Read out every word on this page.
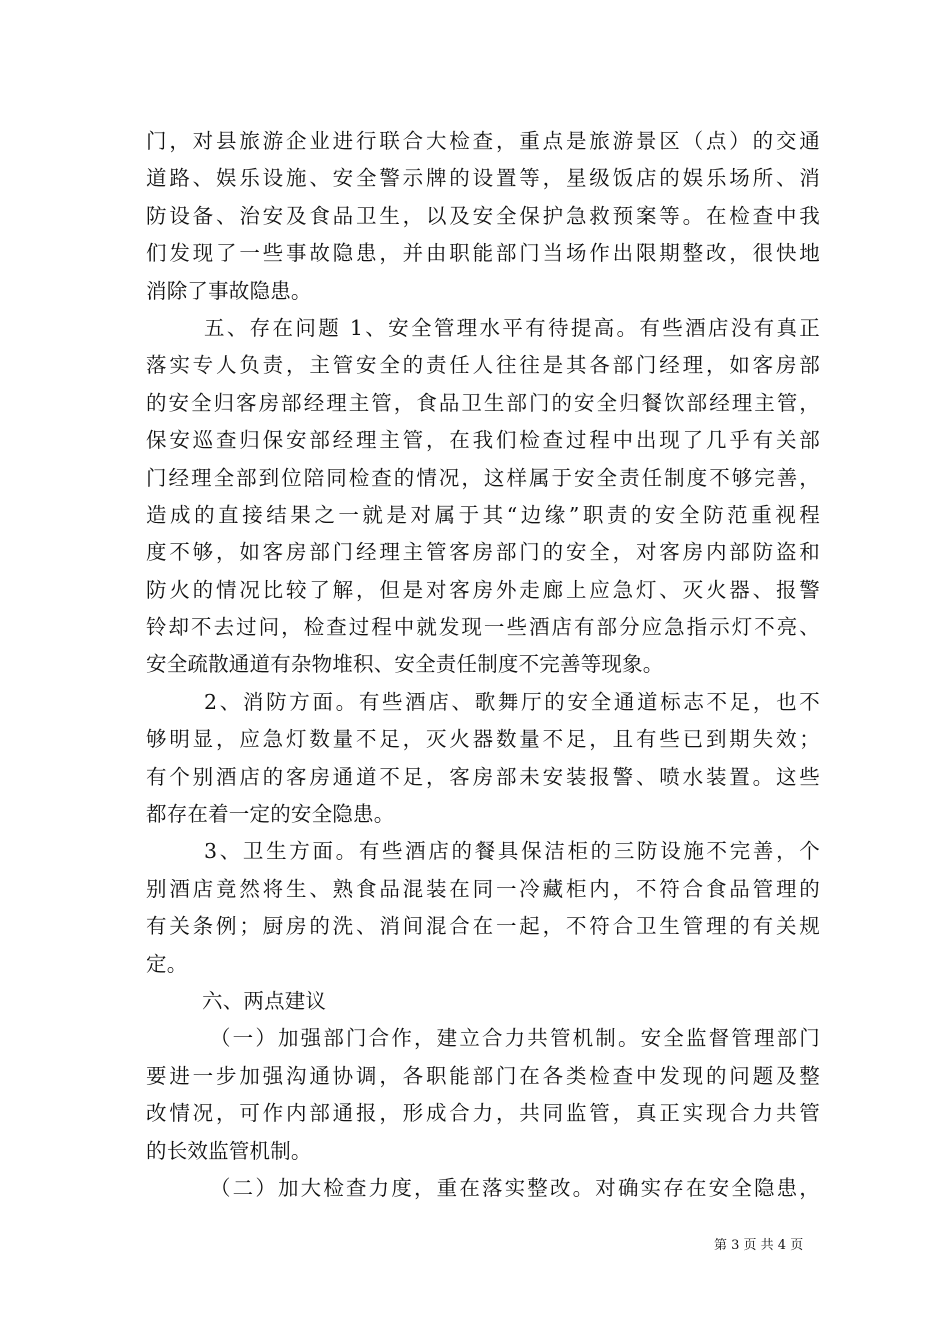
门，对县旅游企业进行联合大检查，重点是旅游景区（点）的交通
道路、娱乐设施、安全警示牌的设置等，星级饭店的娱乐场所、消
防设备、治安及食品卫生，以及安全保护急救预案等。在检查中我
们发现了一些事故隐患，并由职能部门当场作出限期整改，很快地
消除了事故隐患。
五、存在问题 1、安全管理水平有待提高。有些酒店没有真正
落实专人负责，主管安全的责任人往往是其各部门经理，如客房部
的安全归客房部经理主管，食品卫生部门的安全归餐饮部经理主管，
保安巡查归保安部经理主管，在我们检查过程中出现了几乎有关部
门经理全部到位陪同检查的情况，这样属于安全责任制度不够完善，
造成的直接结果之一就是对属于其“边缘”职责的安全防范重视程
度不够，如客房部门经理主管客房部门的安全，对客房内部防盗和
防火的情况比较了解，但是对客房外走廊上应急灯、灭火器、报警
铃却不去过问，检查过程中就发现一些酒店有部分应急指示灯不亮、
安全疏散通道有杂物堆积、安全责任制度不完善等现象。
2、消防方面。有些酒店、歌舞厅的安全通道标志不足，也不
够明显，应急灯数量不足，灭火器数量不足，且有些已到期失效；
有个别酒店的客房通道不足，客房部未安装报警、喷水装置。这些
都存在着一定的安全隐患。
3、卫生方面。有些酒店的餐具保洁柜的三防设施不完善，个
别酒店竟然将生、熟食品混装在同一冷藏柜内，不符合食品管理的
有关条例；厨房的洗、消间混合在一起，不符合卫生管理的有关规
定。
六、两点建议
（一）加强部门合作，建立合力共管机制。安全监督管理部门
要进一步加强沟通协调，各职能部门在各类检查中发现的问题及整
改情况，可作内部通报，形成合力，共同监管，真正实现合力共管
的长效监管机制。
（二）加大检查力度，重在落实整改。对确实存在安全隐患，
第 3 页 共 4 页
